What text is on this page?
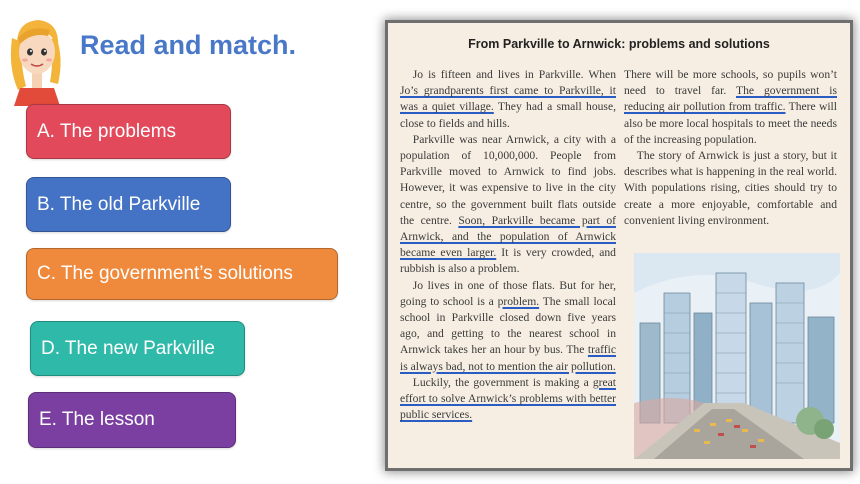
Read and match.
A. The problems
B. The old Parkville
C. The government’s solutions
D. The new Parkville
E. The lesson
From Parkville to Arnwick: problems and solutions

Jo is fifteen and lives in Parkville. When Jo’s grandparents first came to Parkville, it was a quiet village. They had a small house, close to fields and hills.

Parkville was near Arnwick, a city with a population of 10,000,000. People from Parkville moved to Arnwick to find jobs. However, it was expensive to live in the city centre, so the government built flats outside the centre. Soon, Parkville became part of Arnwick, and the population of Arnwick became even larger. It is very crowded, and rubbish is also a problem.

Jo lives in one of those flats. But for her, going to school is a problem. The small local school in Parkville closed down five years ago, and getting to the nearest school in Arnwick takes her an hour by bus. The traffic is always bad, not to mention the air pollution.

Luckily, the government is making a great effort to solve Arnwick’s problems with better public services.

There will be more schools, so pupils won’t need to travel far. The government is reducing air pollution from traffic. There will also be more local hospitals to meet the needs of the increasing population.

The story of Arnwick is just a story, but it describes what is happening in the real world. With populations rising, cities should try to create a more enjoyable, comfortable and convenient living environment.
